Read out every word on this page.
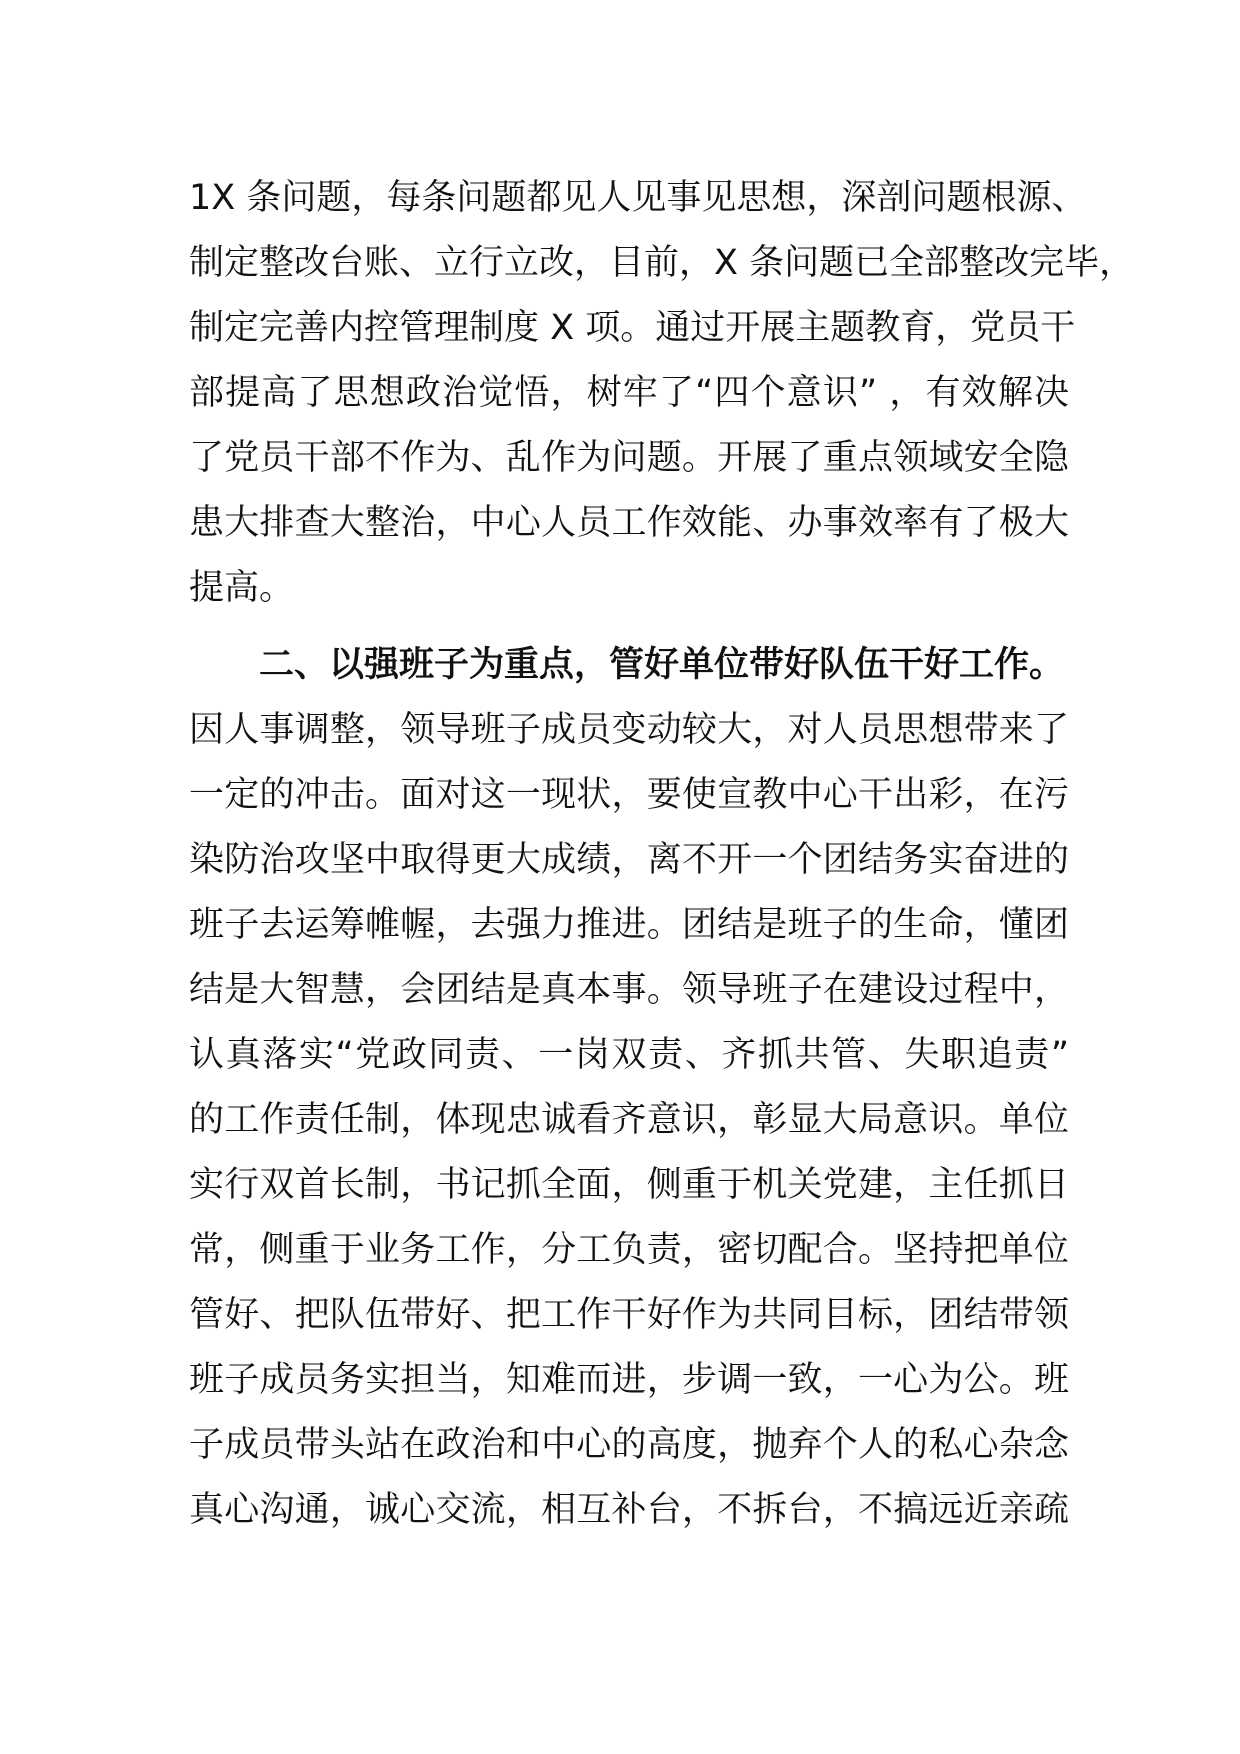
1X 条问题，每条问题都见人见事见思想，深剖问题根源、
制定整改台账、立行立改，目前，X 条问题已全部整改完毕，
制定完善内控管理制度 X 项。通过开展主题教育，党员干
部提高了思想政治觉悟，树牢了“四个意识” ，有效解决
了党员干部不作为、乱作为问题。开展了重点领域安全隐
患大排查大整治，中心人员工作效能、办事效率有了极大
提高。
二、以强班子为重点，管好单位带好队伍干好工作。
因人事调整，领导班子成员变动较大，对人员思想带来了
一定的冲击。面对这一现状，要使宣教中心干出彩，在污
染防治攻坚中取得更大成绩，离不开一个团结务实奋进的
班子去运筹帷幄，去强力推进。团结是班子的生命，懂团
结是大智慧，会团结是真本事。领导班子在建设过程中，
认真落实“党政同责、一岗双责、齐抓共管、失职追责”
的工作责任制，体现忠诚看齐意识，彰显大局意识。单位
实行双首长制，书记抓全面，侧重于机关党建，主任抓日
常，侧重于业务工作，分工负责，密切配合。坚持把单位
管好、把队伍带好、把工作干好作为共同目标，团结带领
班子成员务实担当，知难而进，步调一致，一心为公。班
子成员带头站在政治和中心的高度，抛弃个人的私心杂念
真心沟通，诚心交流，相互补台，不拆台，不搞远近亲疏
